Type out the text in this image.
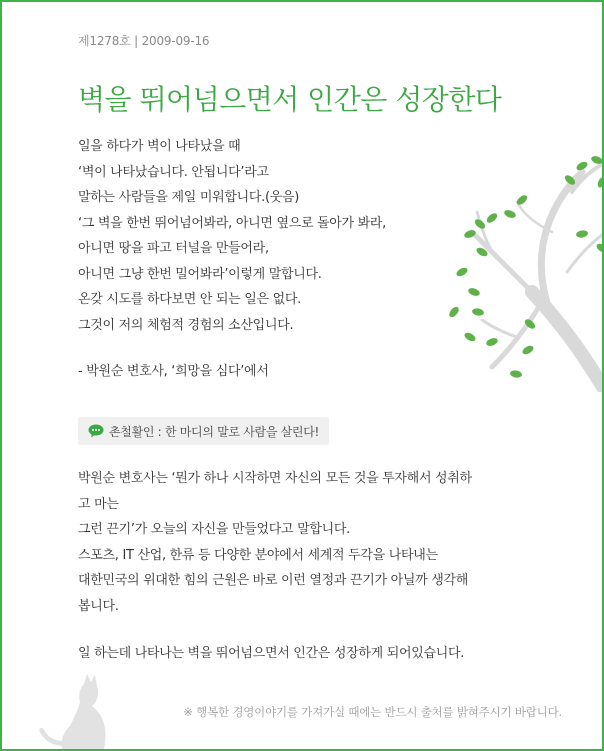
제1278호 | 2009-09-16
벽을 뛰어넘으면서 인간은 성장한다
일을 하다가 벽이 나타났을 때
‘벽이 나타났습니다. 안됩니다’라고
말하는 사람들을 제일 미워합니다.(웃음)
‘그 벽을 한번 뛰어넘어봐라, 아니면 옆으로 돌아가 봐라,
아니면 땅을 파고 터널을 만들어라,
아니면 그냥 한번 밀어봐라’이렇게 말합니다.
온갖 시도를 하다보면 안 되는 일은 없다.
그것이 저의 체험적 경험의 소산입니다.
- 박원순 변호사, ‘희망을 심다’에서
촌철활인 : 한 마디의 말로 사람을 살린다!

박원순 변호사는 ‘뭔가 하나 시작하면 자신의 모든 것을 투자해서 성취하

고 마는

그런 끈기’가 오늘의 자신을 만들었다고 말합니다.

스포츠, IT 산업, 한류 등 다양한 분야에서 세계적 두각을 나타내는

대한민국의 위대한 힘의 근원은 바로 이런 열정과 끈기가 아닐까 생각해

봅니다.

일 하는데 나타나는 벽을 뛰어넘으면서 인간은 성장하게 되어있습니다.
※ 행복한 경영이야기를 가져가실 때에는 반드시 출처를 밝혀주시기 바랍니다.
